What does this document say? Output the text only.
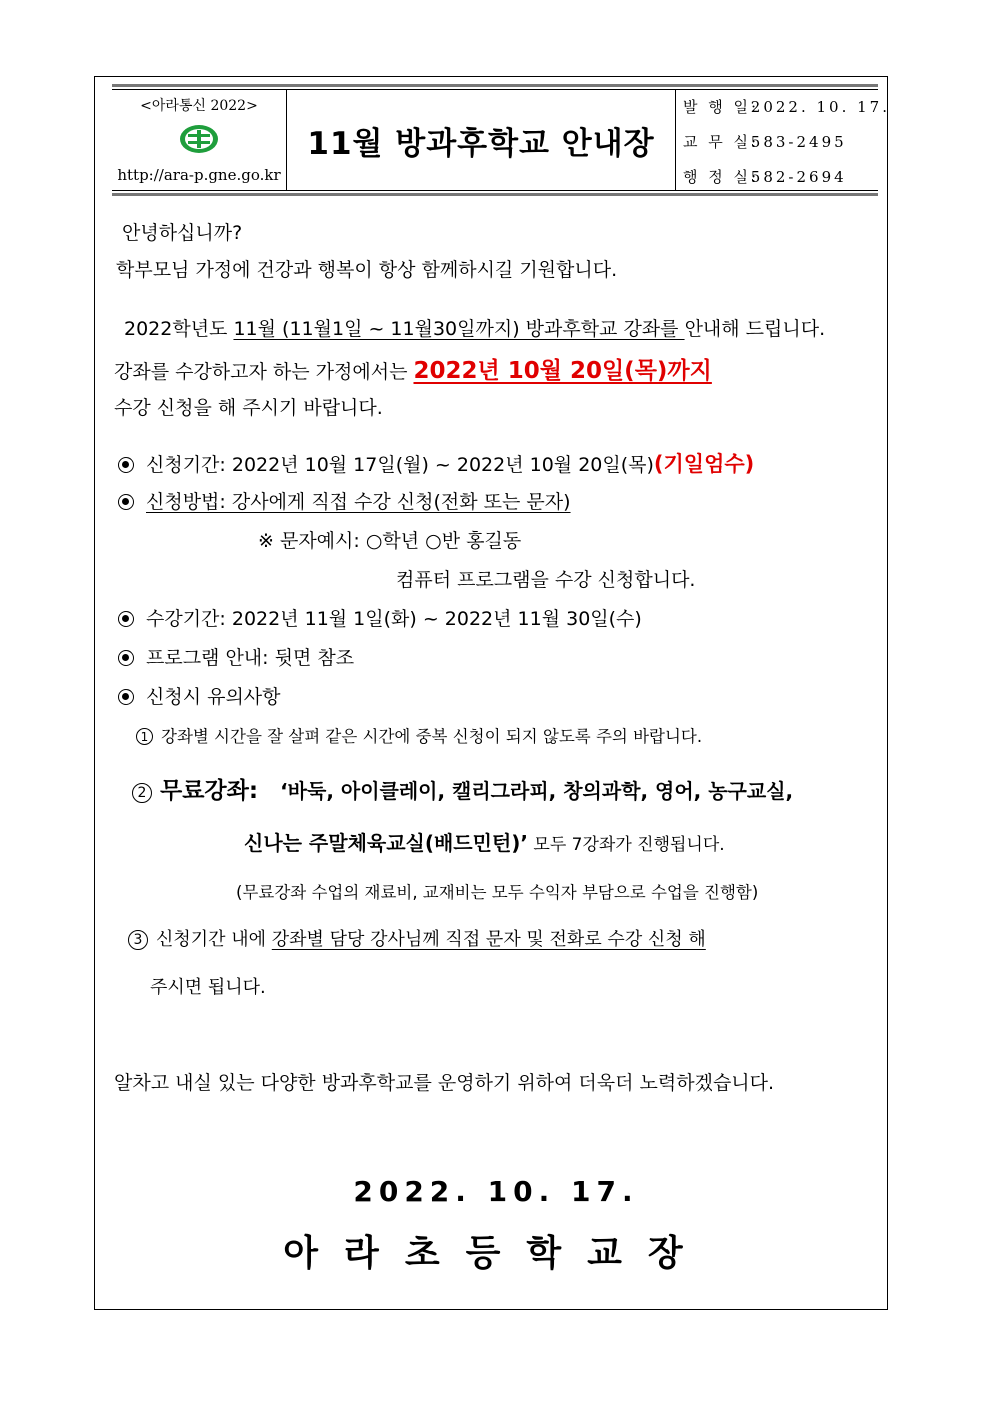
<아라통신 2022>
http://ara-p.gne.go.kr
11월 방과후학교 안내장
발 행 일: 2022. 10. 17.
교 무 실: 583-2495
행 정 실: 582-2694
안녕하십니까?
학부모님 가정에 건강과 행복이 항상 함께하시길 기원합니다.
2022학년도 11월 (11월1일 ~ 11월30일까지) 방과후학교 강좌를 안내해 드립니다.
강좌를 수강하고자 하는 가정에서는 2022년 10월 20일(목)까지
수강 신청을 해 주시기 바랍니다.
신청기간: 2022년 10월 17일(월) ~ 2022년 10월 20일(목)(기일엄수)
신청방법: 강사에게 직접 수강 신청(전화 또는 문자)
※ 문자예시: ○학년 ○반 홍길동
컴퓨터 프로그램을 수강 신청합니다.
수강기간: 2022년 11월 1일(화) ~ 2022년 11월 30일(수)
프로그램 안내: 뒷면 참조
신청시 유의사항
1 강좌별 시간을 잘 살펴 같은 시간에 중복 신청이 되지 않도록 주의 바랍니다.
2 무료강좌: ‘바둑, 아이클레이, 캘리그라피, 창의과학, 영어, 농구교실,
신나는 주말체육교실(배드민턴)’ 모두 7강좌가 진행됩니다.
(무료강좌 수업의 재료비, 교재비는 모두 수익자 부담으로 수업을 진행함)
3 신청기간 내에 강좌별 담당 강사님께 직접 문자 및 전화로 수강 신청 해
주시면 됩니다.
알차고 내실 있는 다양한 방과후학교를 운영하기 위하여 더욱더 노력하겠습니다.
2022. 10. 17.
아라초등학교장
